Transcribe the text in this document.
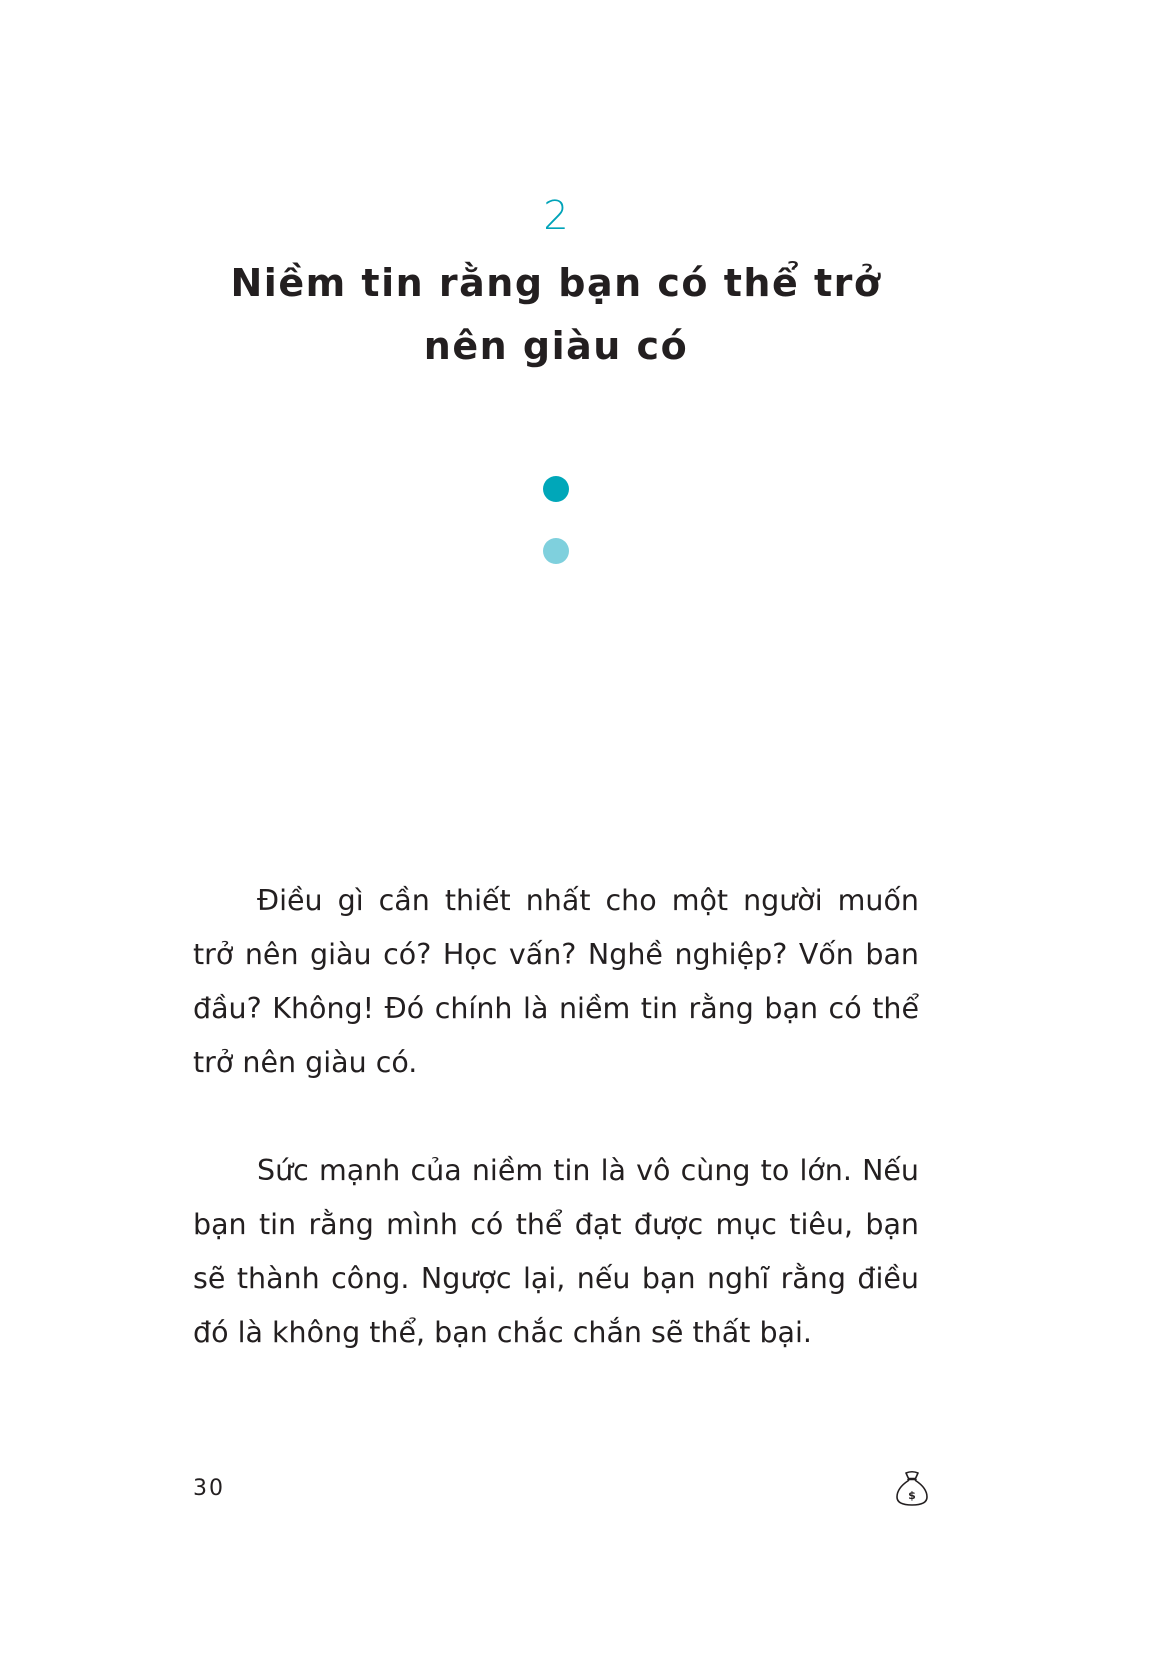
2
Niềm tin rằng bạn có thể trở nên giàu có

Điều gì cần thiết nhất cho một người muốn trở nên giàu có? Học vấn? Nghề nghiệp? Vốn ban đầu? Không! Đó chính là niềm tin rằng bạn có thể trở nên giàu có.

Sức mạnh của niềm tin là vô cùng to lớn. Nếu bạn tin rằng mình có thể đạt được mục tiêu, bạn sẽ thành công. Ngược lại, nếu bạn nghĩ rằng điều đó là không thể, bạn chắc chắn sẽ thất bại.

30	$
